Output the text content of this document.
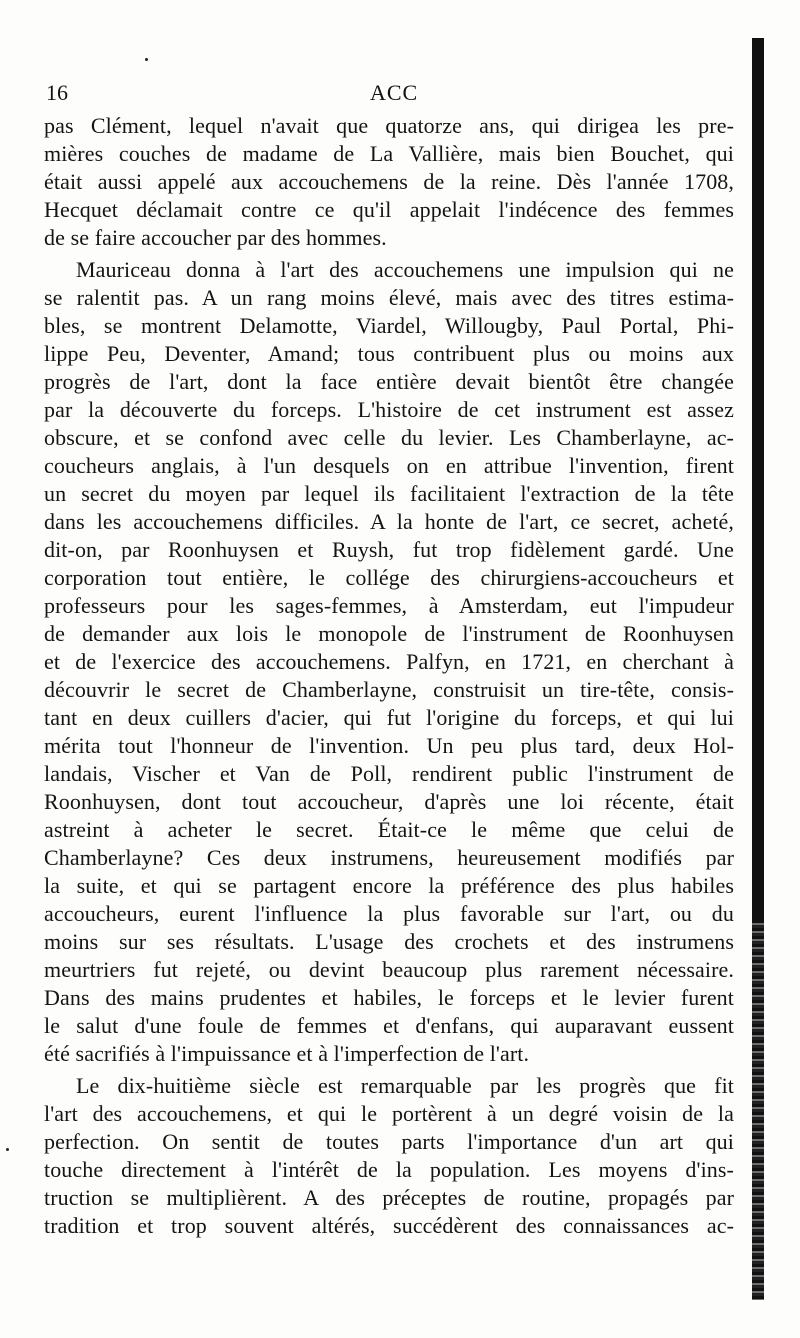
16	ACC
pas Clément, lequel n'avait que quatorze ans, qui dirigea les pre-
mières couches de madame de La Vallière, mais bien Bouchet, qui
était aussi appelé aux accouchemens de la reine. Dès l'année 1708,
Hecquet déclamait contre ce qu'il appelait l'indécence des femmes
de se faire accoucher par des hommes.
Mauriceau donna à l'art des accouchemens une impulsion qui ne
se ralentit pas. A un rang moins élevé, mais avec des titres estima-
bles, se montrent Delamotte, Viardel, Willougby, Paul Portal, Phi-
lippe Peu, Deventer, Amand; tous contribuent plus ou moins aux
progrès de l'art, dont la face entière devait bientôt être changée
par la découverte du forceps. L'histoire de cet instrument est assez
obscure, et se confond avec celle du levier. Les Chamberlayne, ac-
coucheurs anglais, à l'un desquels on en attribue l'invention, firent
un secret du moyen par lequel ils facilitaient l'extraction de la tête
dans les accouchemens difficiles. A la honte de l'art, ce secret, acheté,
dit-on, par Roonhuysen et Ruysh, fut trop fidèlement gardé. Une
corporation tout entière, le collége des chirurgiens-accoucheurs et
professeurs pour les sages-femmes, à Amsterdam, eut l'impudeur
de demander aux lois le monopole de l'instrument de Roonhuysen
et de l'exercice des accouchemens. Palfyn, en 1721, en cherchant à
découvrir le secret de Chamberlayne, construisit un tire-tête, consis-
tant en deux cuillers d'acier, qui fut l'origine du forceps, et qui lui
mérita tout l'honneur de l'invention. Un peu plus tard, deux Hol-
landais, Vischer et Van de Poll, rendirent public l'instrument de
Roonhuysen, dont tout accoucheur, d'après une loi récente, était
astreint à acheter le secret. Était-ce le même que celui de
Chamberlayne? Ces deux instrumens, heureusement modifiés par
la suite, et qui se partagent encore la préférence des plus habiles
accoucheurs, eurent l'influence la plus favorable sur l'art, ou du
moins sur ses résultats. L'usage des crochets et des instrumens
meurtriers fut rejeté, ou devint beaucoup plus rarement nécessaire.
Dans des mains prudentes et habiles, le forceps et le levier furent
le salut d'une foule de femmes et d'enfans, qui auparavant eussent
été sacrifiés à l'impuissance et à l'imperfection de l'art.
Le dix-huitième siècle est remarquable par les progrès que fit
l'art des accouchemens, et qui le portèrent à un degré voisin de la
perfection. On sentit de toutes parts l'importance d'un art qui
touche directement à l'intérêt de la population. Les moyens d'ins-
truction se multiplièrent. A des préceptes de routine, propagés par
tradition et trop souvent altérés, succédèrent des connaissances ac-
